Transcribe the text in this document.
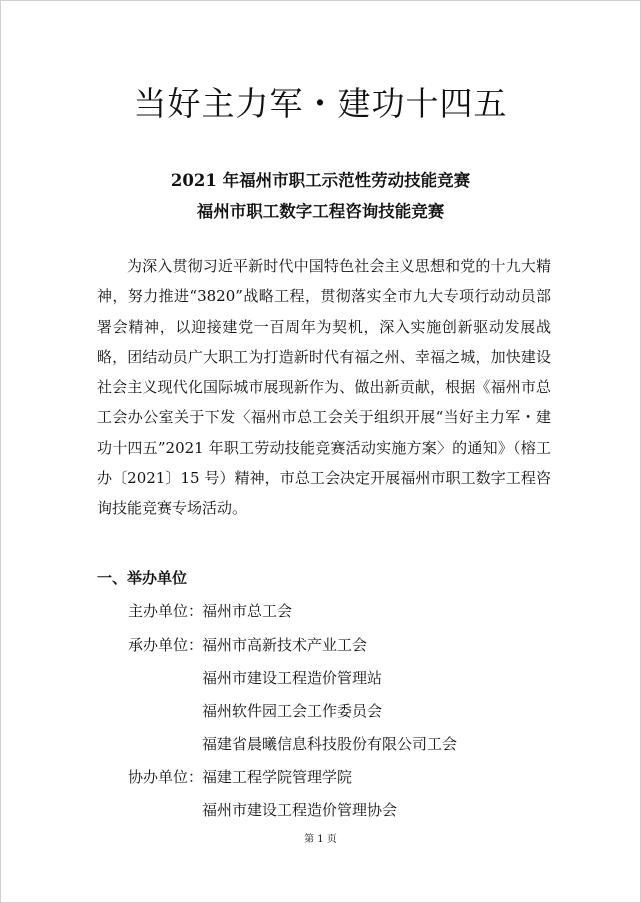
当好主力军・建功十四五
2021 年福州市职工示范性劳动技能竞赛
福州市职工数字工程咨询技能竞赛

为深入贯彻习近平新时代中国特色社会主义思想和党的十九大精神，努力推进“3820”战略工程，贯彻落实全市九大专项行动动员部署会精神，以迎接建党一百周年为契机，深入实施创新驱动发展战略，团结动员广大职工为打造新时代有福之州、幸福之城，加快建设社会主义现代化国际城市展现新作为、做出新贡献，根据《福州市总工会办公室关于下发〈福州市总工会关于组织开展“当好主力军・建功十四五”2021 年职工劳动技能竞赛活动实施方案〉的通知》（榕工办〔2021〕15 号）精神，市总工会决定开展福州市职工数字工程咨询技能竞赛专场活动。

一、举办单位
主办单位：福州市总工会
承办单位：福州市高新技术产业工会
福州市建设工程造价管理站
福州软件园工会工作委员会
福建省晨曦信息科技股份有限公司工会
协办单位：福建工程学院管理学院
福州市建设工程造价管理协会
第 1 页
